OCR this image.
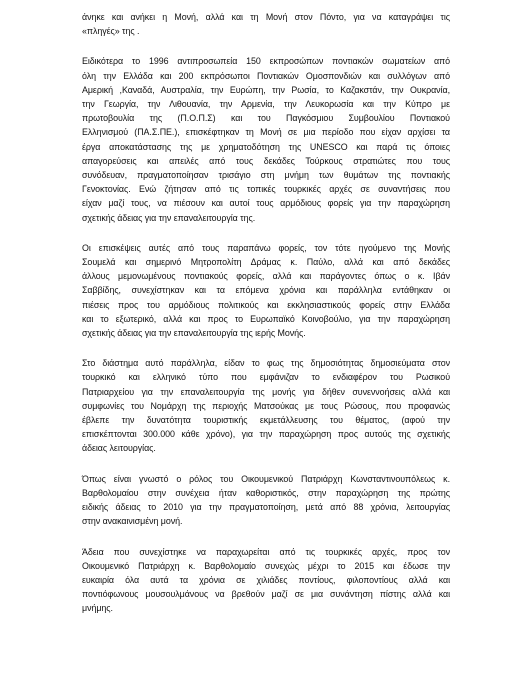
άνηκε και ανήκει η Μονή, αλλά και τη Μονή στον Πόντο, για να καταγράψει τις
«πληγές» της .

Ειδικότερα το 1996 αντιπροσωπεία 150 εκπροσώπων ποντιακών σωματείων από
όλη την Ελλάδα και 200 εκπρόσωποι Ποντιακών Ομοσπονδιών και συλλόγων από
Αμερική ,Καναδά, Αυστραλία, την Ευρώπη, την Ρωσία, το Καζακστάν, την Ουκρανία,
την Γεωργία, την Λιθουανία, την Αρμενία, την Λευκορωσία και την Κύπρο με
πρωτοβουλία της (Π.Ο.Π.Σ) και του Παγκόσμιου Συμβουλίου Ποντιακού
Ελληνισμού (ΠΑ.Σ.ΠΕ.), επισκέφτηκαν τη Μονή σε μια περίοδο που είχαν αρχίσει τα
έργα αποκατάστασης της με χρηματοδότηση της UNESCO και παρά τις όποιες
απαγορεύσεις και απειλές από τους δεκάδες Τούρκους στρατιώτες που τους
συνόδευαν, πραγματοποίησαν τρισάγιο στη μνήμη των θυμάτων της ποντιακής
Γενοκτονίας. Ενώ ζήτησαν από τις τοπικές τουρκικές αρχές σε συναντήσεις που
είχαν μαζί τους, να πιέσουν και αυτοί τους αρμόδιους φορείς για την παραχώρηση
σχετικής άδειας για την επαναλειτουργία της.

Οι επισκέψεις αυτές από τους παραπάνω φορείς, τον τότε ηγούμενο της Μονής
Σουμελά και σημερινό Μητροπολίτη Δράμας κ. Παύλο, αλλά και από δεκάδες
άλλους μεμονωμένους ποντιακούς φορείς, αλλά και παράγοντες όπως ο κ. Ιβάν
Σαββίδης, συνεχίστηκαν και τα επόμενα χρόνια και παράλληλα εντάθηκαν οι
πιέσεις προς του αρμόδιους πολιτικούς και εκκλησιαστικούς φορείς στην Ελλάδα
και το εξωτερικό, αλλά και προς το Ευρωπαϊκό Κοινοβούλιο, για την παραχώρηση
σχετικής άδειας για την επαναλειτουργία της ιερής Μονής.

Στο διάστημα αυτό παράλληλα, είδαν το φως της δημοσιότητας δημοσιεύματα στον
τουρκικό και ελληνικό τύπο που εμφάνιζαν το ενδιαφέρον του Ρωσικού
Πατριαρχείου για την επαναλειτουργία της μονής για δήθεν συνεννοήσεις αλλά και
συμφωνίες του Νομάρχη της περιοχής Ματσούκας με τους Ρώσους, που προφανώς
έβλεπε την δυνατότητα τουριστικής εκμετάλλευσης του θέματος, (αφού την
επισκέπτονται 300.000 κάθε χρόνο), για την παραχώρηση προς αυτούς της σχετικής
άδειας λειτουργίας.

Όπως είναι γνωστό ο ρόλος του Οικουμενικού Πατριάρχη Κωνσταντινουπόλεως κ.
Βαρθολομαίου στην συνέχεια ήταν καθοριστικός, στην παραχώρηση της πρώτης
ειδικής άδειας το 2010 για την πραγματοποίηση, μετά από 88 χρόνια, λειτουργίας
στην ανακαινισμένη μονή.

Άδεια που συνεχίστηκε να παραχωρείται από τις τουρκικές αρχές, προς τον
Οικουμενικό Πατριάρχη κ. Βαρθολομαίο συνεχώς μέχρι το 2015 και έδωσε την
ευκαιρία όλα αυτά τα χρόνια σε χιλιάδες ποντίους, φιλοποντίους αλλά και
ποντιόφωνους μουσουλμάνους να βρεθούν μαζί σε μια συνάντηση πίστης αλλά και
μνήμης.
